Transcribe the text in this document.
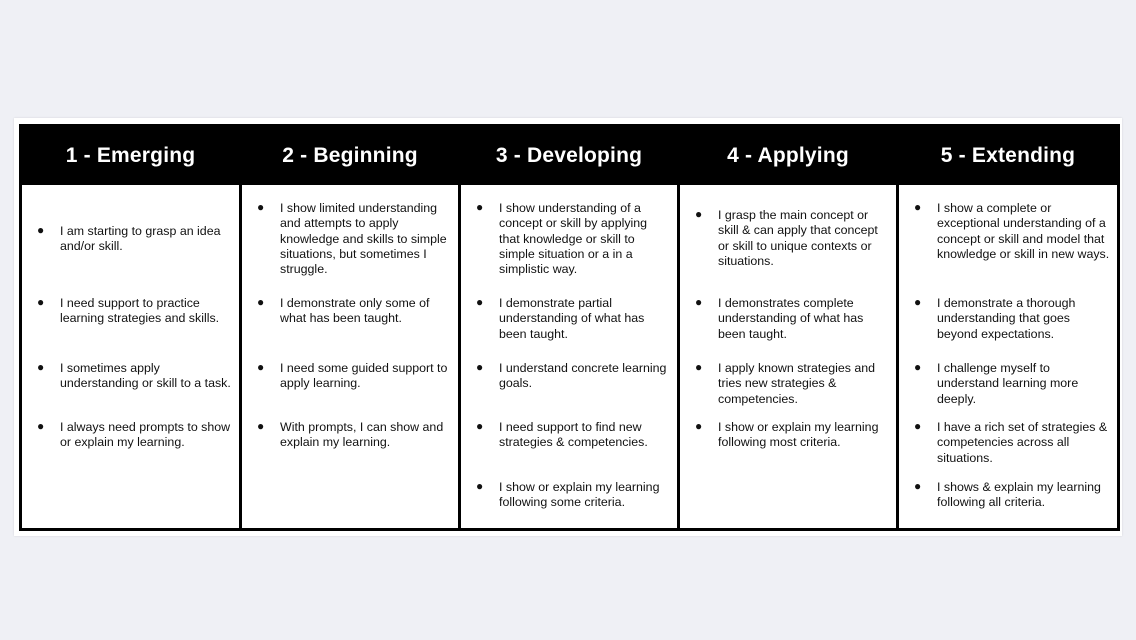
1 - Emerging
● I am starting to grasp an idea and/or skill.
● I need support to practice learning strategies and skills.
● I sometimes apply understanding or skill to a task.
● I always need prompts to show or explain my learning.
2 - Beginning
● I show limited understanding and attempts to apply knowledge and skills to simple situations, but sometimes I struggle.
● I demonstrate only some of what has been taught.
● I need some guided support to apply learning.
● With prompts, I can show and explain my learning.
3 - Developing
● I show understanding of a concept or skill by applying that knowledge or skill to simple situation or a in a simplistic way.
● I demonstrate partial understanding of what has been taught.
● I understand concrete learning goals.
● I need support to find new strategies & competencies.
● I show or explain my learning following some criteria.
4 - Applying
● I grasp the main concept or skill & can apply that concept or skill to unique contexts or situations.
● I demonstrates complete understanding of what has been taught.
● I apply known strategies and tries new strategies & competencies.
● I show or explain my learning following most criteria.
5 - Extending
● I show a complete or exceptional understanding of a concept or skill and model that knowledge or skill in new ways.
● I demonstrate a thorough understanding that goes beyond expectations.
● I challenge myself to understand learning more deeply.
● I have a rich set of strategies & competencies across all situations.
● I shows & explain my learning following all criteria.
